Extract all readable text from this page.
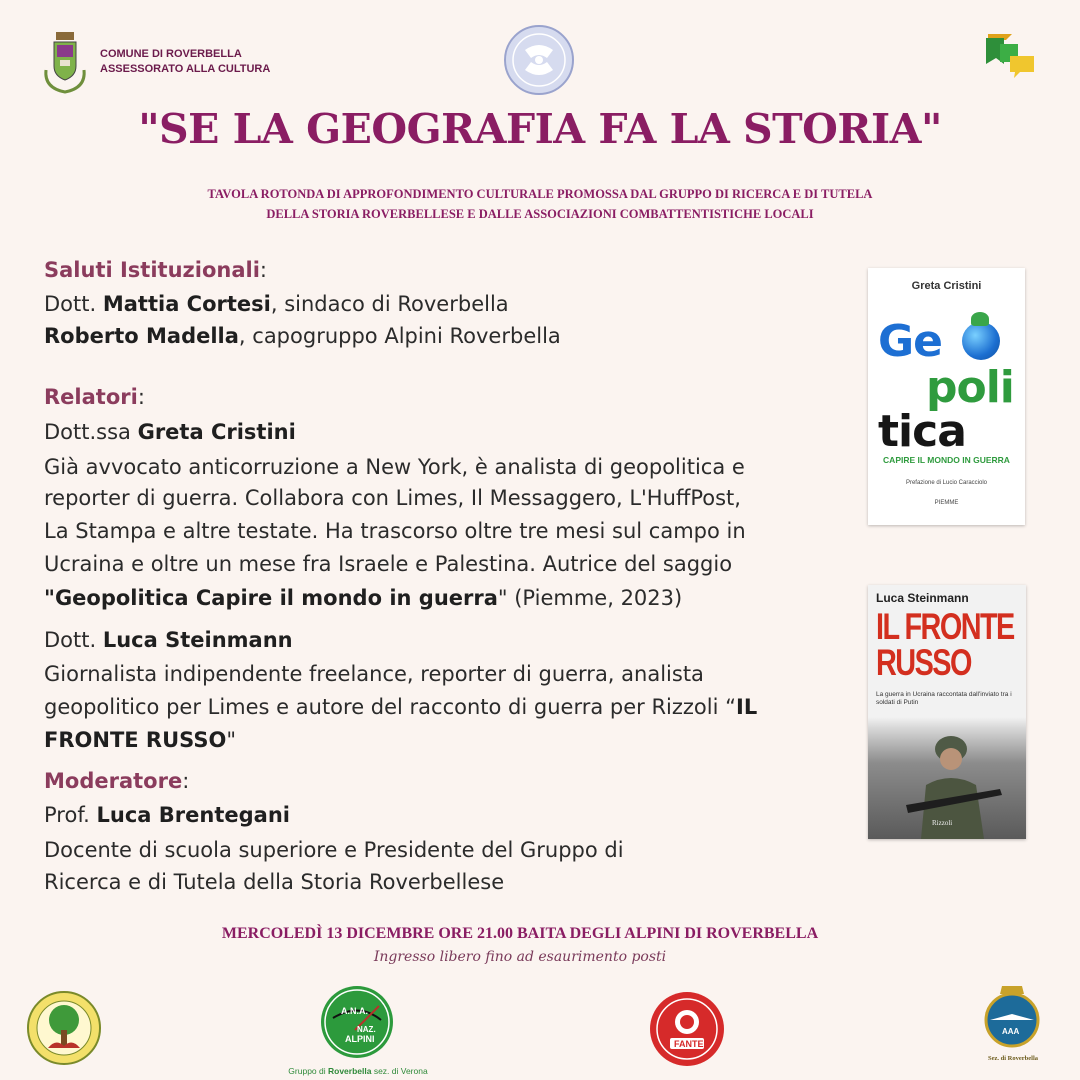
COMUNE DI ROVERBELLA
ASSESSORATO ALLA CULTURA
"SE LA GEOGRAFIA FA LA STORIA"
TAVOLA ROTONDA DI APPROFONDIMENTO CULTURALE PROMOSSA DAL GRUPPO DI RICERCA E DI TUTELA
DELLA STORIA ROVERBELLESE E DALLE ASSOCIAZIONI COMBATTENTISTICHE LOCALI
Saluti Istituzionali:
Dott. Mattia Cortesi, sindaco di Roverbella
Roberto Madella, capogruppo Alpini Roverbella
Relatori:
Dott.ssa Greta Cristini
Già avvocato anticorruzione a New York, è analista di geopolitica e
reporter di guerra. Collabora con Limes, Il Messaggero, L'HuffPost,
La Stampa e altre testate. Ha trascorso oltre tre mesi sul campo in
Ucraina e oltre un mese fra Israele e Palestina. Autrice del saggio
"Geopolitica Capire il mondo in guerra" (Piemme, 2023)
Dott. Luca Steinmann
Giornalista indipendente freelance, reporter di guerra, analista
geopolitico per Limes e autore del racconto di guerra per Rizzoli “IL
FRONTE RUSSO"
Moderatore:
Prof. Luca Brentegani
Docente di scuola superiore e Presidente del Gruppo di
Ricerca e di Tutela della Storia Roverbellese
Greta Cristini
Ge
poli
tica
CAPIRE IL MONDO IN GUERRA
Prefazione di Lucio Caracciolo
PIEMME
Luca Steinmann
IL FRONTE
RUSSO
La guerra in Ucraina raccontata dall'inviato tra i soldati di Putin
Rizzoli
MERCOLEDÌ 13 DICEMBRE ORE 21.00 BAITA DEGLI ALPINI DI ROVERBELLA
Ingresso libero fino ad esaurimento posti
A.N.A.
NAZ.
ALPINI
Gruppo di Roverbella sez. di Verona
FANTE
AAA
Sez. di Roverbella
